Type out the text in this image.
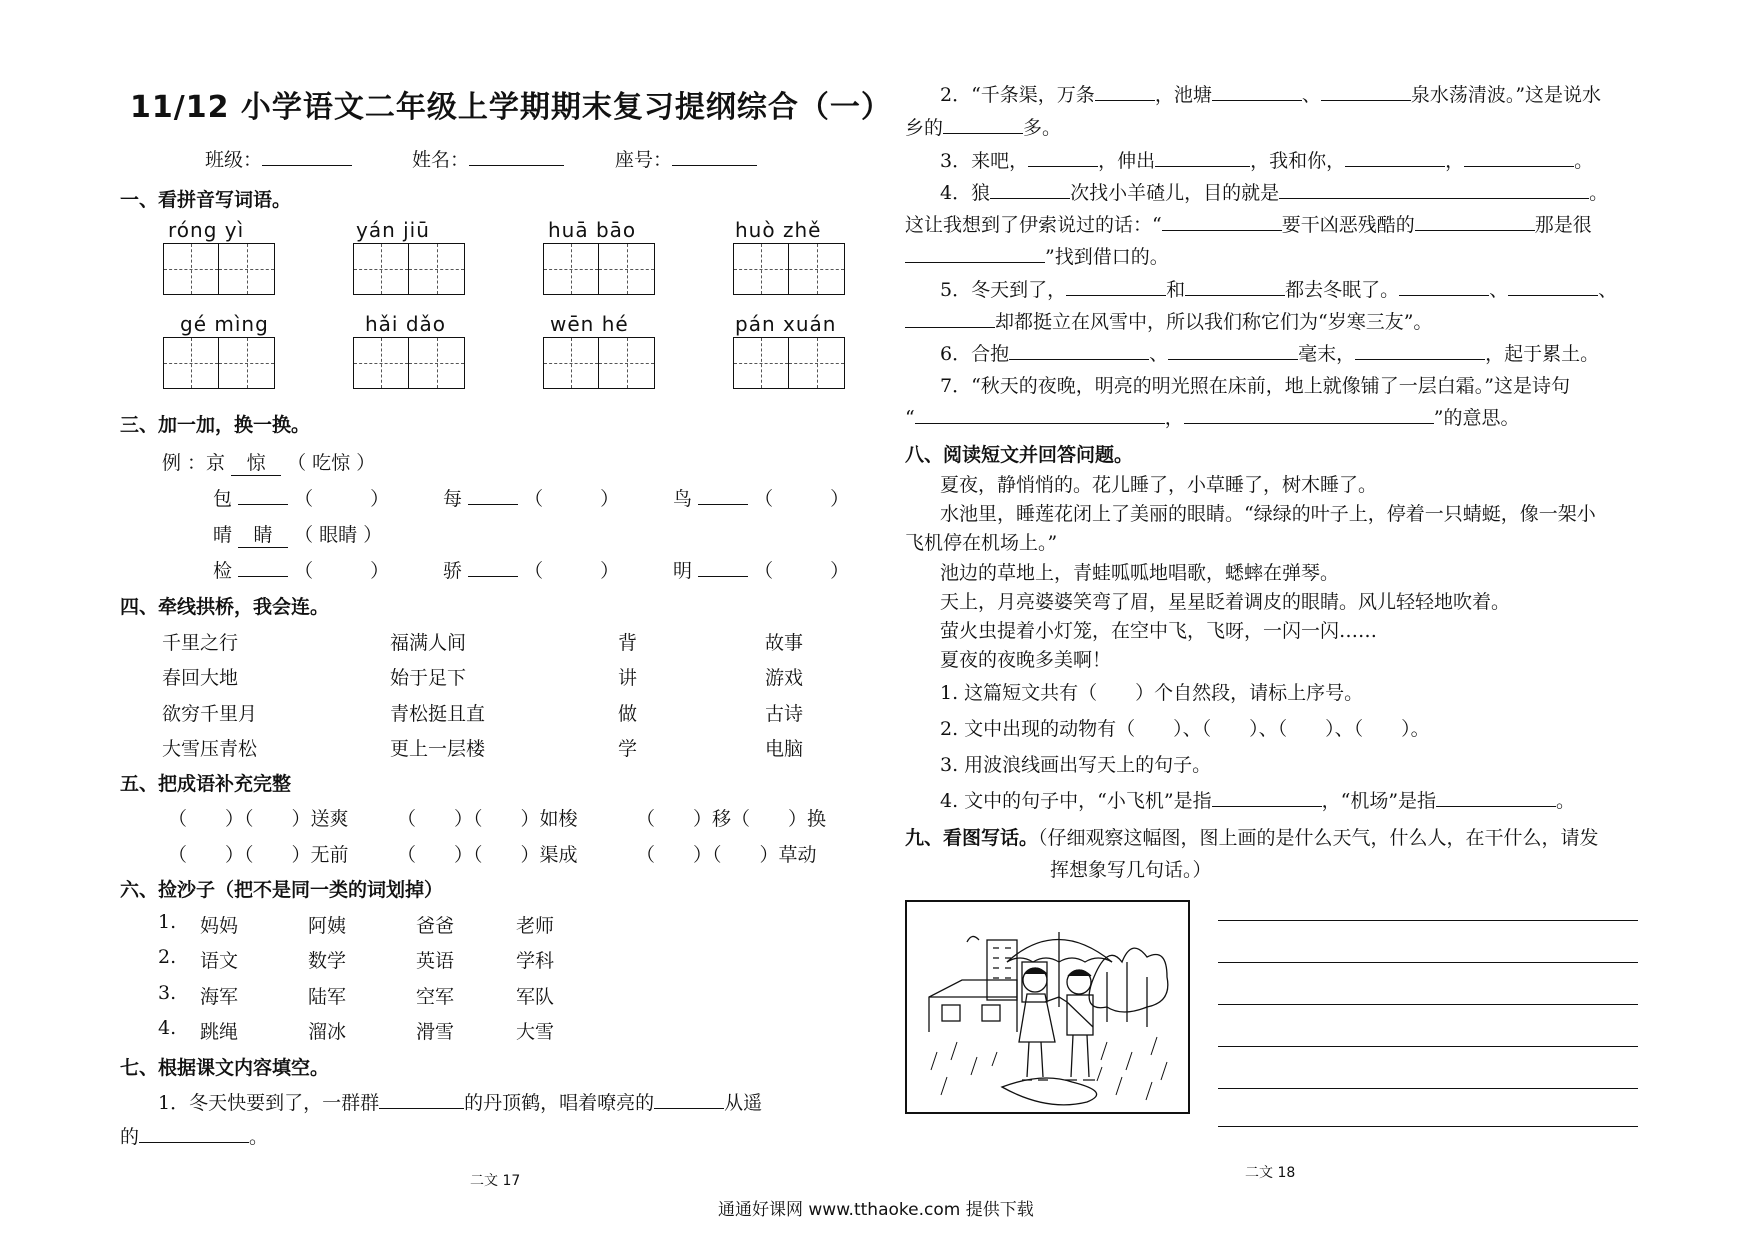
11/12 小学语文二年级上学期期末复习提纲综合（一）
班级：	姓名：	座号：
一、看拼音写词语。
róng yì	yán jiū	huā bāo	huò zhě
gé mìng	hǎi dǎo	wēn hé	pán xuán
三、加一加，换一换。
例 ：京 惊 （ 吃惊 ）
包	（　　　）	每	（　　　）	鸟	（　　　）
晴 睛 （ 眼睛 ）
检	（　　　）	骄	（　　　）	明	（　　　）
四、牵线拱桥，我会连。
千里之行	福满人间	背	故事
春回大地	始于足下	讲	游戏
欲穷千里月	青松挺且直	做	古诗
大雪压青松	更上一层楼	学	电脑
五、把成语补充完整
（　　）（　　）送爽	（　　）（　　）如梭	（　　）移（　　）换
（　　）（　　）无前	（　　）（　　）渠成	（　　）（　　）草动
六、捡沙子（把不是同一类的词划掉）
1. 妈妈	阿姨	爸爸	老师
2. 语文	数学	英语	学科
3. 海军	陆军	空军	军队
4. 跳绳	溜冰	滑雪	大雪
七、根据课文内容填空。
1．冬天快要到了，一群群	的丹顶鹤，唱着嘹亮的	从遥
的	。
二文 17
2．“千条渠，万条	，池塘	、	泉水荡清波。”这是说水
乡的	多。
3．来吧，	，伸出	，我和你，	，	。
4．狼	次找小羊碴儿，目的就是	。
这让我想到了伊索说过的话：“	要干凶恶残酷的	那是很
”找到借口的。
5．冬天到了，	和	都去冬眠了。	、	、
却都挺立在风雪中，所以我们称它们为“岁寒三友”。
6．合抱	、	毫末，	，起于累土。
7．“秋天的夜晚，明亮的明光照在床前，地上就像铺了一层白霜。”这是诗句
“	，	”的意思。
八、阅读短文并回答问题。
夏夜，静悄悄的。花儿睡了，小草睡了，树木睡了。
水池里，睡莲花闭上了美丽的眼睛。“绿绿的叶子上，停着一只蜻蜓，像一架小
飞机停在机场上。”
池边的草地上，青蛙呱呱地唱歌，蟋蟀在弹琴。
天上，月亮婆婆笑弯了眉，星星眨着调皮的眼睛。风儿轻轻地吹着。
萤火虫提着小灯笼，在空中飞，飞呀，一闪一闪……
夏夜的夜晚多美啊！
1. 这篇短文共有（　　）个自然段，请标上序号。
2. 文中出现的动物有（　　）、（　　）、（　　）、（　　）。
3. 用波浪线画出写天上的句子。
4. 文中的句子中，“小飞机”是指	，“机场”是指	。
九、看图写话。（仔细观察这幅图，图上画的是什么天气，什么人，在干什么，请发
挥想象写几句话。）
二文 18
通通好课网 www.tthaoke.com 提供下载
